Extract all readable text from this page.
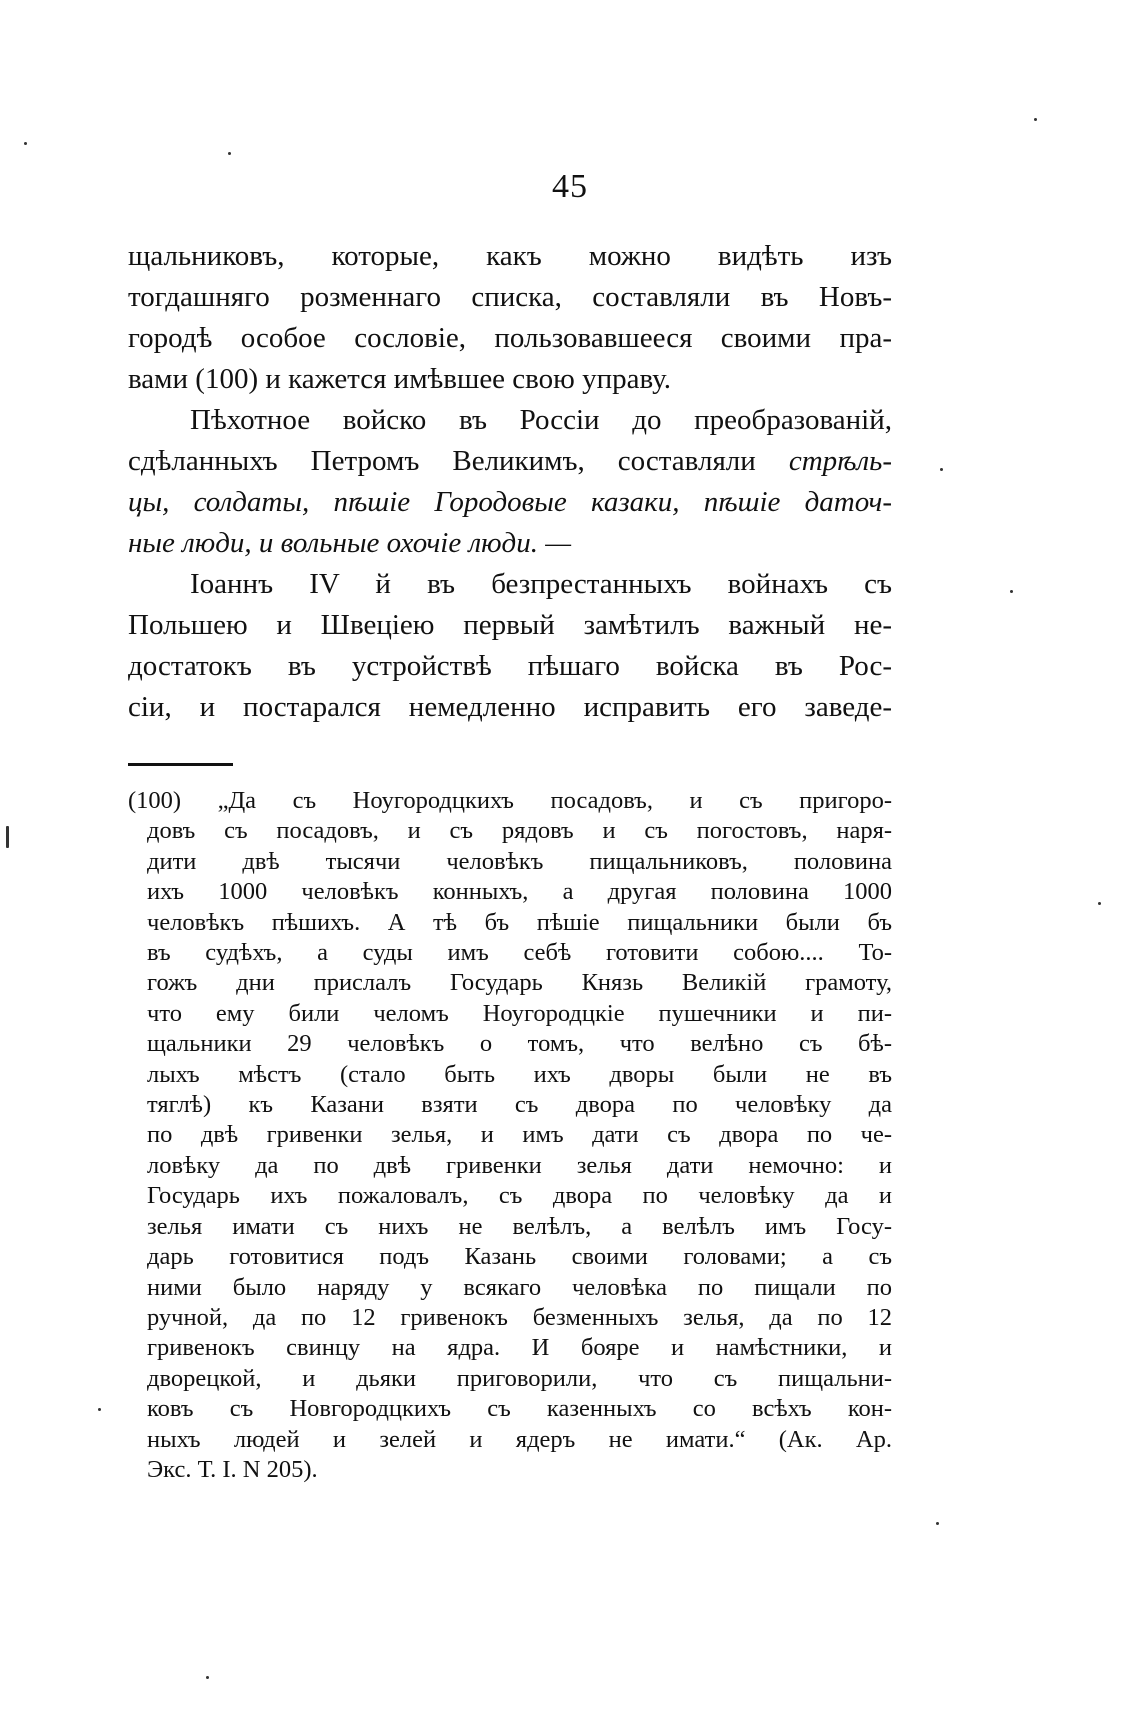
45
щальниковъ, которые, какъ можно видѣть изъ
тогдашняго розменнаго списка, составляли въ Новъ-
городѣ особое сословіе, пользовавшееся своими пра-
вами (100) и кажется имѣвшее свою управу.
Пѣхотное войско въ Россіи до преобразованій,
сдѣланныхъ Петромъ Великимъ, составляли стрѣль-
цы, солдаты, пѣшіе Городовые казаки, пѣшіе даточ-
ные люди, и вольные охочіе люди. —
Іоаннъ IV й въ безпрестанныхъ войнахъ съ
Польшею и Швеціею первый замѣтилъ важный не-
достатокъ въ устройствѣ пѣшаго войска въ Рос-
сіи, и постарался немедленно исправить его заведе-
(100) „Да съ Ноугородцкихъ посадовъ, и съ пригоро-
довъ съ посадовъ, и съ рядовъ и съ погостовъ, наря-
дити двѣ тысячи человѣкъ пищальниковъ, половина
ихъ 1000 человѣкъ конныхъ, а другая половина 1000
человѣкъ пѣшихъ. А тѣ бъ пѣшіе пищальники были бъ
въ судѣхъ, а суды имъ себѣ готовити собою.... То-
гожъ дни прислалъ Государь Князь Великій грамоту,
что ему били челомъ Ноугородцкіе пушечники и пи-
щальники 29 человѣкъ о томъ, что велѣно съ бѣ-
лыхъ мѣстъ (стало быть ихъ дворы были не въ
тяглѣ) къ Казани взяти съ двора по человѣку да
по двѣ гривенки зелья, и имъ дати съ двора по че-
ловѣку да по двѣ гривенки зелья дати немочно: и
Государь ихъ пожаловалъ, съ двора по человѣку да и
зелья имати съ нихъ не велѣлъ, а велѣлъ имъ Госу-
дарь готовитися подъ Казань своими головами; а съ
ними было наряду у всякаго человѣка по пищали по
ручной, да по 12 гривенокъ безменныхъ зелья, да по 12
гривенокъ свинцу на ядра. И бояре и намѣстники, и
дворецкой, и дьяки приговорили, что съ пищальни-
ковъ съ Новгородцкихъ съ казенныхъ со всѣхъ кон-
ныхъ людей и зелей и ядеръ не имати.“ (Ак. Ар.
Экс. Т. І. N 205).
